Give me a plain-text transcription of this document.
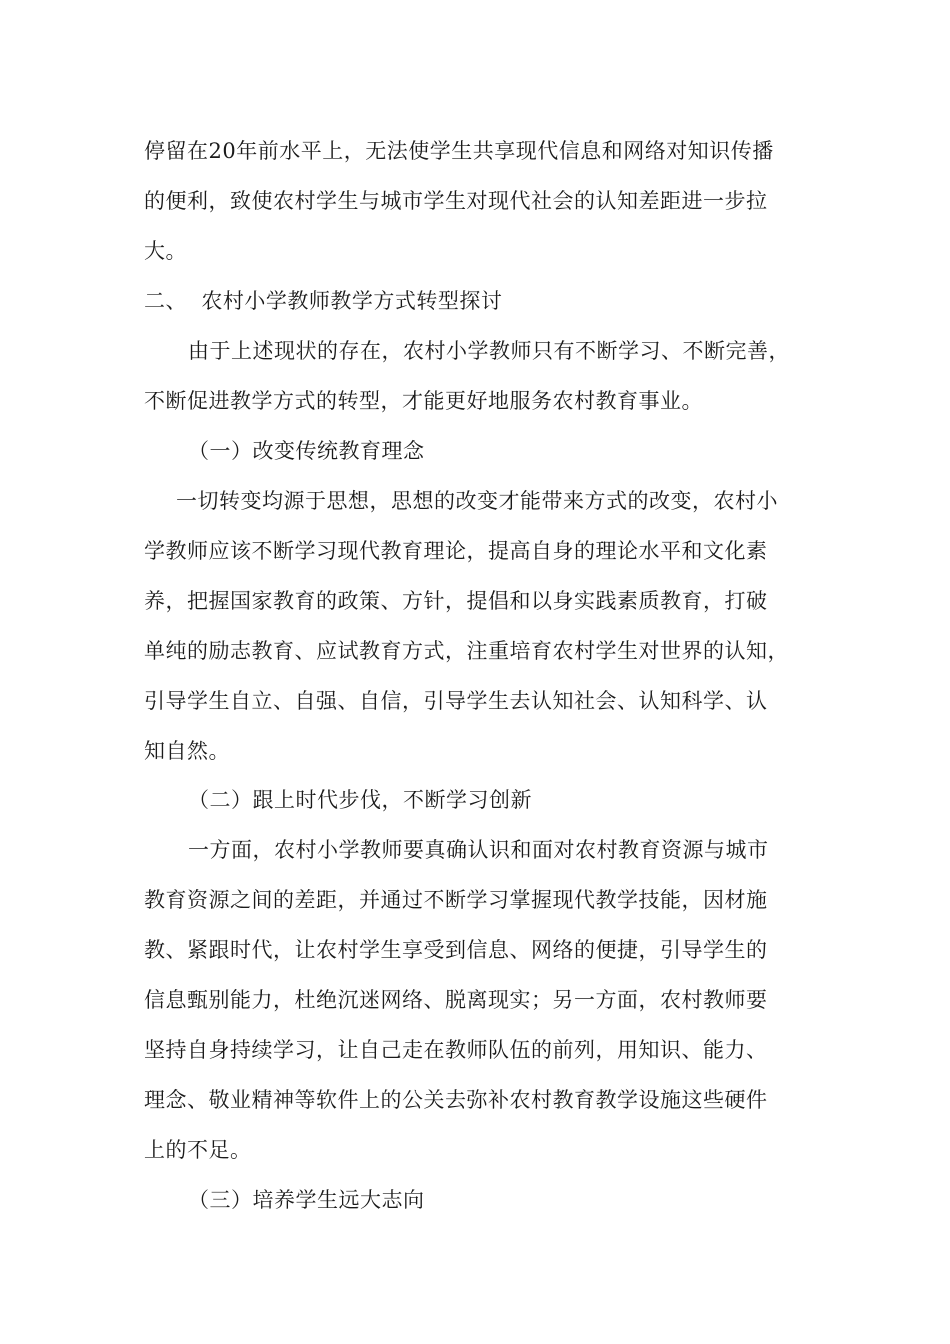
停留在20年前水平上，无法使学生共享现代信息和网络对知识传播
的便利，致使农村学生与城市学生对现代社会的认知差距进一步拉
大。
二、  农村小学教师教学方式转型探讨
由于上述现状的存在，农村小学教师只有不断学习、不断完善，
不断促进教学方式的转型，才能更好地服务农村教育事业。
（一）改变传统教育理念
一切转变均源于思想，思想的改变才能带来方式的改变，农村小
学教师应该不断学习现代教育理论，提高自身的理论水平和文化素
养，把握国家教育的政策、方针，提倡和以身实践素质教育，打破
单纯的励志教育、应试教育方式，注重培育农村学生对世界的认知，
引导学生自立、自强、自信，引导学生去认知社会、认知科学、认
知自然。
（二）跟上时代步伐，不断学习创新
一方面，农村小学教师要真确认识和面对农村教育资源与城市
教育资源之间的差距，并通过不断学习掌握现代教学技能，因材施
教、紧跟时代，让农村学生享受到信息、网络的便捷，引导学生的
信息甄别能力，杜绝沉迷网络、脱离现实；另一方面，农村教师要
坚持自身持续学习，让自己走在教师队伍的前列，用知识、能力、
理念、敬业精神等软件上的公关去弥补农村教育教学设施这些硬件
上的不足。
（三）培养学生远大志向
